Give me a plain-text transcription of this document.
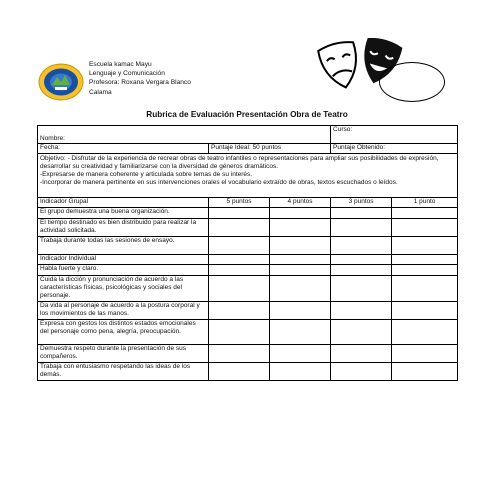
Escuela kamac Mayu
Lenguaje y Comunicación
Profesora: Roxana Vergara Blanco
Calama
Rubrica de Evaluación Presentación Obra de Teatro
Nombre:			Curso:	
Fecha:	Puntaje Ideal: 50 puntos		Puntaje Obtenido:	

Objetivo: - Disfrutar de la experiencia de recrear obras de teatro infantiles o representaciones para ampliar sus posibilidades de expresión, desarrollar su creatividad y familiarizarse con la diversidad de géneros dramáticos.
-Expresarse de manera coherente y articulada sobre temas de su interés.
-Incorporar de manera pertinente en sus intervenciones orales el vocabulario extraído de obras, textos escuchados o leídos.				

Indicador Grupal	5 puntos	4 puntos	3 puntos	1 punto
El grupo demuestra una buena organización.				
El tiempo destinado es bien distribuido para realizar la actividad solicitada.				
Trabaja durante todas las sesiones de ensayo.				
Indicador Individual				
Habla fuerte y claro.				
Cuida la dicción y pronunciación de acuerdo a las características físicas, psicológicas y sociales del personaje.				
Da vida al personaje de acuerdo a la postura corporal y los movimientos de las manos.				
Expresa con gestos los distintos estados emocionales del personaje como pena, alegría, preocupación.				
Demuestra respeto durante la presentación de sus compañeros.				
Trabaja con entusiasmo respetando las ideas de los demás.				
